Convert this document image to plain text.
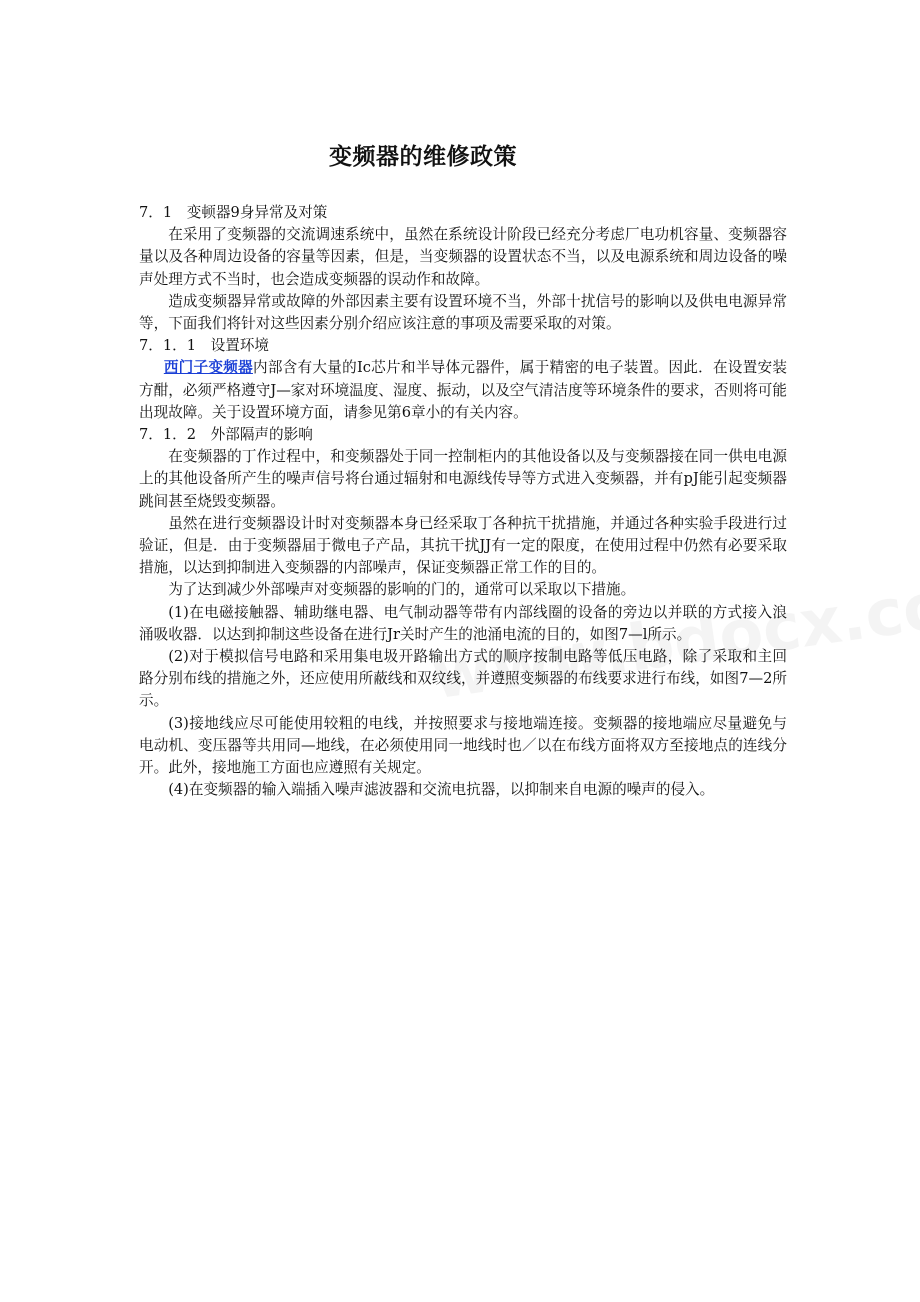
变频器的维修政策

7．1　变顿器9身异常及对策

在采用了变频器的交流调速系统中，虽然在系统设计阶段已经充分考虑厂电功机容量、变频器容量以及各种周边设备的容量等因素，但是，当变频器的设置状态不当，以及电源系统和周边设备的噪声处理方式不当时，也会造成变频器的误动作和故障。

造成变频器异常或故障的外部因素主要有设置环境不当，外部十扰信号的影响以及供电电源异常等，下面我们将针对这些因素分别介绍应该注意的事项及需要采取的对策。

7．1．1　设置环境

西门子变频器内部含有大量的Ic芯片和半导体元器件，属于精密的电子装置。因此．在设置安装方酣，必须严格遵守J—家对环境温度、湿度、振动，以及空气清洁度等环境条件的要求，否则将可能出现故障。关于设置环境方面，请参见第6章小的有关内容。

7．1．2　外部隔声的影响

在变频器的丁作过程中，和变频器处于同一控制柜内的其他设备以及与变频器接在同一供电电源上的其他设备所产生的噪声信号将台通过辐射和电源线传导等方式进入变频器，并有pJ能引起变频器跳间甚至烧毁变频器。

虽然在进行变频器设计时对变频器本身已经采取丁各种抗干扰措施，并通过各种实验手段进行过验证，但是．由于变频器届于微电子产品，其抗干扰JJ有一定的限度，在使用过程中仍然有必要采取措施，以达到抑制进入变频器的内部噪声，保证变频器正常工作的目的。

为了达到减少外部噪声对变频器的影响的门的，通常可以采取以下措施。

(1)在电磁接触器、辅助继电器、电气制动器等带有内部线圈的设备的旁边以并联的方式接入浪涌吸收器．以达到抑制这些设备在进行Jr关时产生的池涌电流的目的，如图7—l所示。

(2)对于模拟信号电路和采用集电圾开路输出方式的顺序按制电路等低压电路，除了采取和主回路分别布线的措施之外，还应使用所蔽线和双纹线，并遵照变频器的布线要求进行布线，如图7—2所示。

(3)接地线应尽可能使用较粗的电线，并按照要求与接地端连接。变频器的接地端应尽量避免与电动机、变压器等共用同—地线，在必须使用同一地线时也／以在布线方面将双方至接地点的连线分开。此外，接地施工方面也应遵照有关规定。

(4)在变频器的输入端插入噪声滤波器和交流电抗器，以抑制来自电源的噪声的侵入。
